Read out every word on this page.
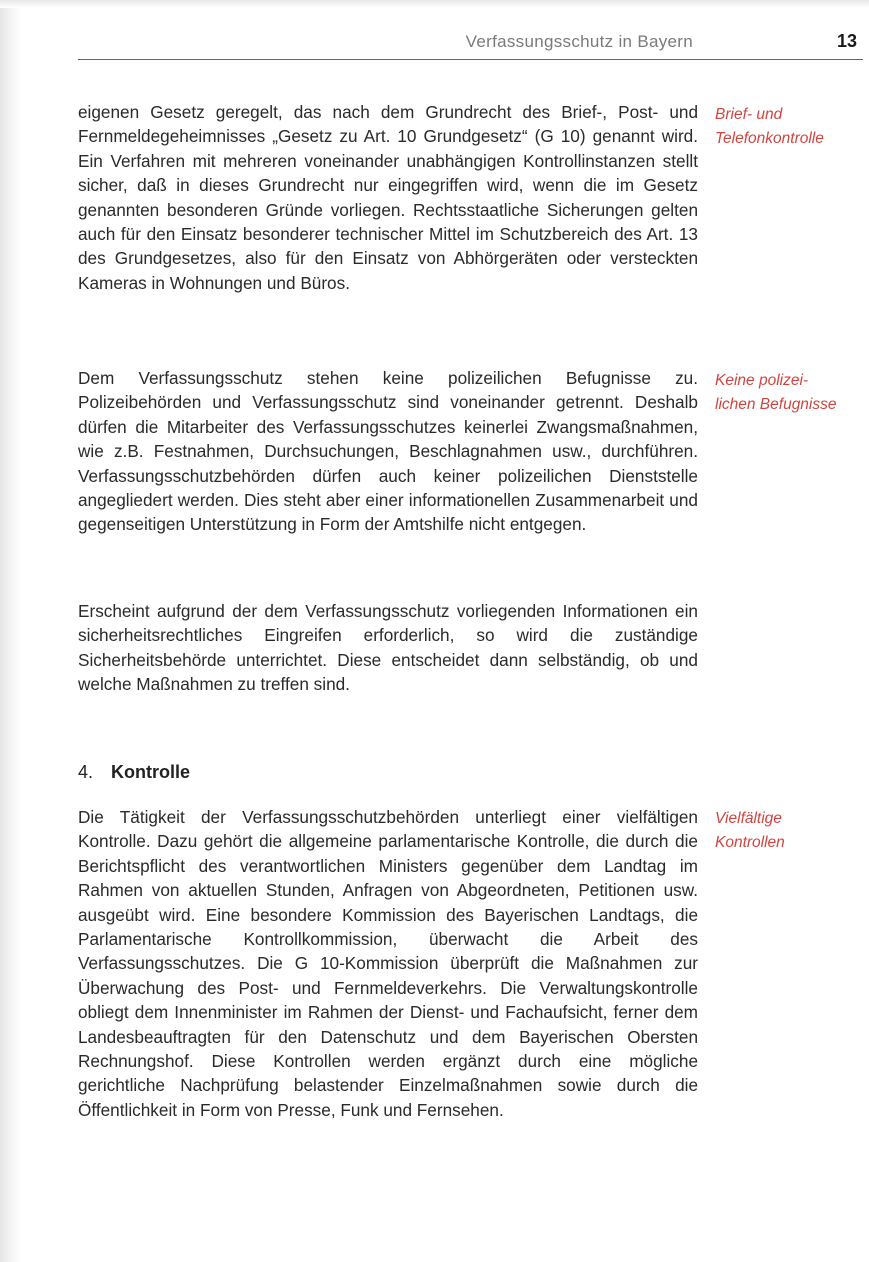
Verfassungsschutz in Bayern	13

eigenen Gesetz geregelt, das nach dem Grundrecht des Brief-, Post- und Fernmeldegeheimnisses „Gesetz zu Art. 10 Grundgesetz“ (G 10) genannt wird. Ein Verfahren mit mehreren voneinander unabhängigen Kontrollinstanzen stellt sicher, daß in dieses Grundrecht nur eingegriffen wird, wenn die im Gesetz genannten besonderen Gründe vorliegen. Rechtsstaatliche Sicherungen gelten auch für den Einsatz besonderer technischer Mittel im Schutzbereich des Art. 13 des Grundgesetzes, also für den Einsatz von Abhörgeräten oder versteckten Kameras in Wohnungen und Büros.

Brief- und
Telefonkontrolle

Dem Verfassungsschutz stehen keine polizeilichen Befugnisse zu. Polizeibehörden und Verfassungsschutz sind voneinander getrennt. Deshalb dürfen die Mitarbeiter des Verfassungsschutzes keinerlei Zwangsmaßnahmen, wie z.B. Festnahmen, Durchsuchungen, Beschlagnahmen usw., durchführen. Verfassungsschutzbehörden dürfen auch keiner polizeilichen Dienststelle angegliedert werden. Dies steht aber einer informationellen Zusammenarbeit und gegenseitigen Unterstützung in Form der Amtshilfe nicht entgegen.

Keine polizei-
lichen Befugnisse

Erscheint aufgrund der dem Verfassungsschutz vorliegenden Informationen ein sicherheitsrechtliches Eingreifen erforderlich, so wird die zuständige Sicherheitsbehörde unterrichtet. Diese entscheidet dann selbständig, ob und welche Maßnahmen zu treffen sind.

4. Kontrolle

Die Tätigkeit der Verfassungsschutzbehörden unterliegt einer vielfältigen Kontrolle. Dazu gehört die allgemeine parlamentarische Kontrolle, die durch die Berichtspflicht des verantwortlichen Ministers gegenüber dem Landtag im Rahmen von aktuellen Stunden, Anfragen von Abgeordneten, Petitionen usw. ausgeübt wird. Eine besondere Kommission des Bayerischen Landtags, die Parlamentarische Kontrollkommission, überwacht die Arbeit des Verfassungsschutzes. Die G 10-Kommission überprüft die Maßnahmen zur Überwachung des Post- und Fernmeldeverkehrs. Die Verwaltungskontrolle obliegt dem Innenminister im Rahmen der Dienst- und Fachaufsicht, ferner dem Landesbeauftragten für den Datenschutz und dem Bayerischen Obersten Rechnungshof. Diese Kontrollen werden ergänzt durch eine mögliche gerichtliche Nachprüfung belastender Einzelmaßnahmen sowie durch die Öffentlichkeit in Form von Presse, Funk und Fernsehen.

Vielfältige
Kontrollen
